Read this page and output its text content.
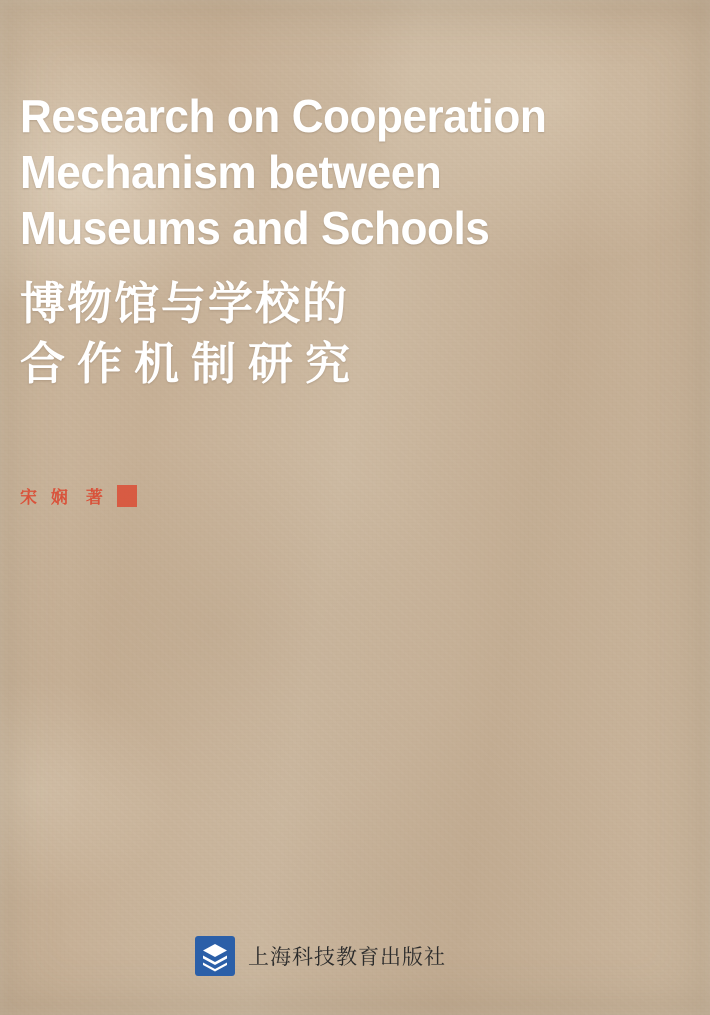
Research on Cooperation
Mechanism between
Museums and Schools
博物馆与学校的
合作机制研究
宋 娴 著
上海科技教育出版社
